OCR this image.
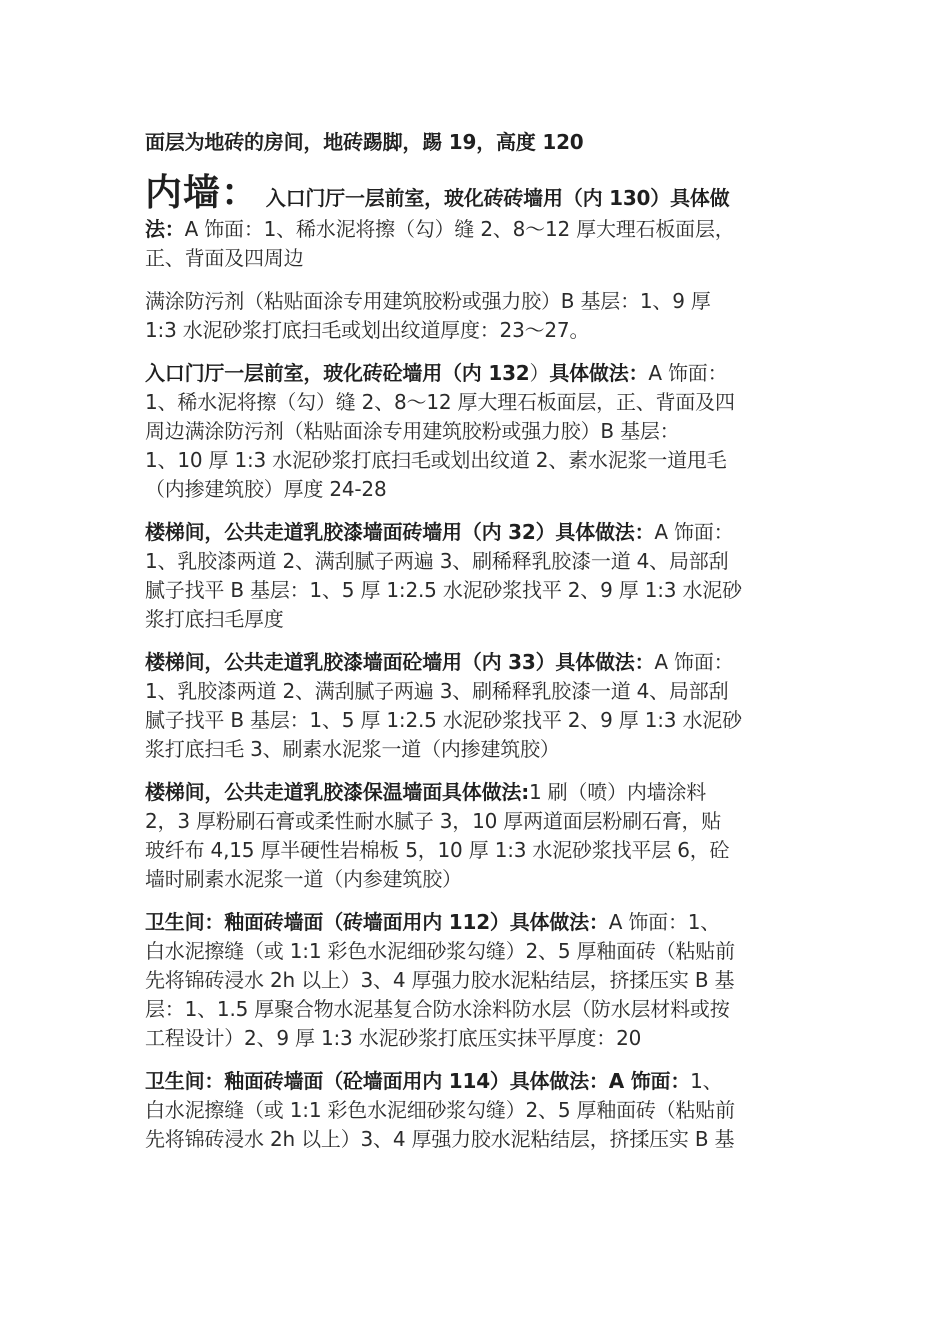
面层为地砖的房间，地砖踢脚，踢 19，高度 120
内墙： 入口门厅一层前室，玻化砖砖墙用（内 130）具体做
法：A 饰面：1、稀水泥将擦（勾）缝 2、8～12 厚大理石板面层，
正、背面及四周边
满涂防污剂（粘贴面涂专用建筑胶粉或强力胶）B 基层：1、9 厚
1:3 水泥砂浆打底扫毛或划出纹道厚度：23～27。
入口门厅一层前室，玻化砖砼墙用（内 132）具体做法：A 饰面：
1、稀水泥将擦（勾）缝 2、8～12 厚大理石板面层，正、背面及四
周边满涂防污剂（粘贴面涂专用建筑胶粉或强力胶）B 基层：
1、10 厚 1:3 水泥砂浆打底扫毛或划出纹道 2、素水泥浆一道甩毛
（内掺建筑胶）厚度 24-28
楼梯间，公共走道乳胶漆墙面砖墙用（内 32）具体做法：A 饰面：
1、乳胶漆两道 2、满刮腻子两遍 3、刷稀释乳胶漆一道 4、局部刮
腻子找平 B 基层：1、5 厚 1:2.5 水泥砂浆找平 2、9 厚 1:3 水泥砂
浆打底扫毛厚度
楼梯间，公共走道乳胶漆墙面砼墙用（内 33）具体做法：A 饰面：
1、乳胶漆两道 2、满刮腻子两遍 3、刷稀释乳胶漆一道 4、局部刮
腻子找平 B 基层：1、5 厚 1:2.5 水泥砂浆找平 2、9 厚 1:3 水泥砂
浆打底扫毛 3、刷素水泥浆一道（内掺建筑胶）
楼梯间，公共走道乳胶漆保温墙面具体做法:1 刷（喷）内墙涂料
2，3 厚粉刷石膏或柔性耐水腻子 3，10 厚两道面层粉刷石膏，贴
玻纤布 4,15 厚半硬性岩棉板 5，10 厚 1:3 水泥砂浆找平层 6，砼
墙时刷素水泥浆一道（内参建筑胶）
卫生间：釉面砖墙面（砖墙面用内 112）具体做法：A 饰面：1、
白水泥擦缝（或 1:1 彩色水泥细砂浆勾缝）2、5 厚釉面砖（粘贴前
先将锦砖浸水 2h 以上）3、4 厚强力胶水泥粘结层，挤揉压实 B 基
层：1、1.5 厚聚合物水泥基复合防水涂料防水层（防水层材料或按
工程设计）2、9 厚 1:3 水泥砂浆打底压实抹平厚度：20
卫生间：釉面砖墙面（砼墙面用内 114）具体做法：A 饰面：1、
白水泥擦缝（或 1:1 彩色水泥细砂浆勾缝）2、5 厚釉面砖（粘贴前
先将锦砖浸水 2h 以上）3、4 厚强力胶水泥粘结层，挤揉压实 B 基
